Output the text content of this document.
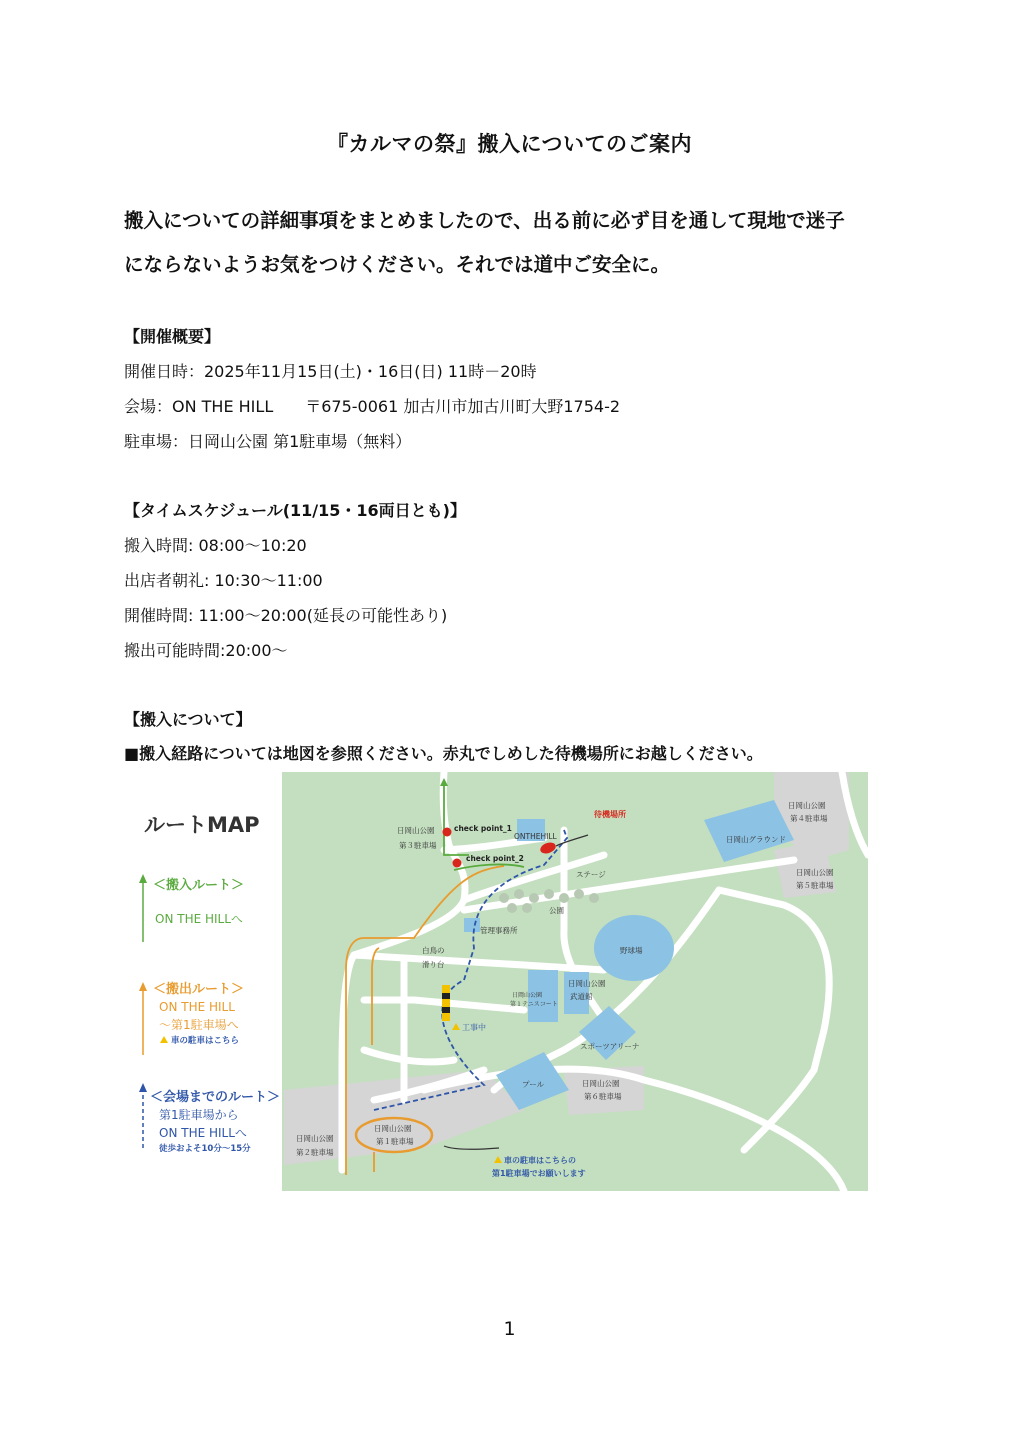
『カルマの祭』搬入についてのご案内
搬入についての詳細事項をまとめましたので、出る前に必ず目を通して現地で迷子
にならないようお気をつけください。それでは道中ご安全に。
【開催概要】
開催日時：2025年11月15日(土)・16日(日) 11時－20時
会場：ON THE HILL　　〒675-0061 加古川市加古川町大野1754-2
駐車場：日岡山公園 第1駐車場（無料）
【タイムスケジュール(11/15・16両日とも)】
搬入時間: 08:00〜10:20
出店者朝礼: 10:30〜11:00
開催時間: 11:00〜20:00(延長の可能性あり)
搬出可能時間:20:00〜
【搬入について】
■搬入経路については地図を参照ください。赤丸でしめした待機場所にお越しください。
ルートMAP
＜搬入ルート＞
ON THE HILLへ
＜搬出ルート＞
ON THE HILL
〜第1駐車場へ
車の駐車はこちら
＜会場までのルート＞
第1駐車場から
ON THE HILLへ
徒歩およそ10分〜15分
工事中
待機場所
check point_1
check point_2
ONTHEHILL
日岡山公園
第４駐車場
日岡山グラウンド
日岡山公園
第５駐車場
日岡山公園
第３駐車場
ステージ
公園
管理事務所
野球場
白鳥の
滑り台
日岡山公園
第１テニスコート
日岡山公園
武道館
スポーツアリーナ
プール	日岡山公園
第６駐車場
日岡山公園
第２駐車場
日岡山公園
第１駐車場
車の駐車はこちらの
第1駐車場でお願いします
1
